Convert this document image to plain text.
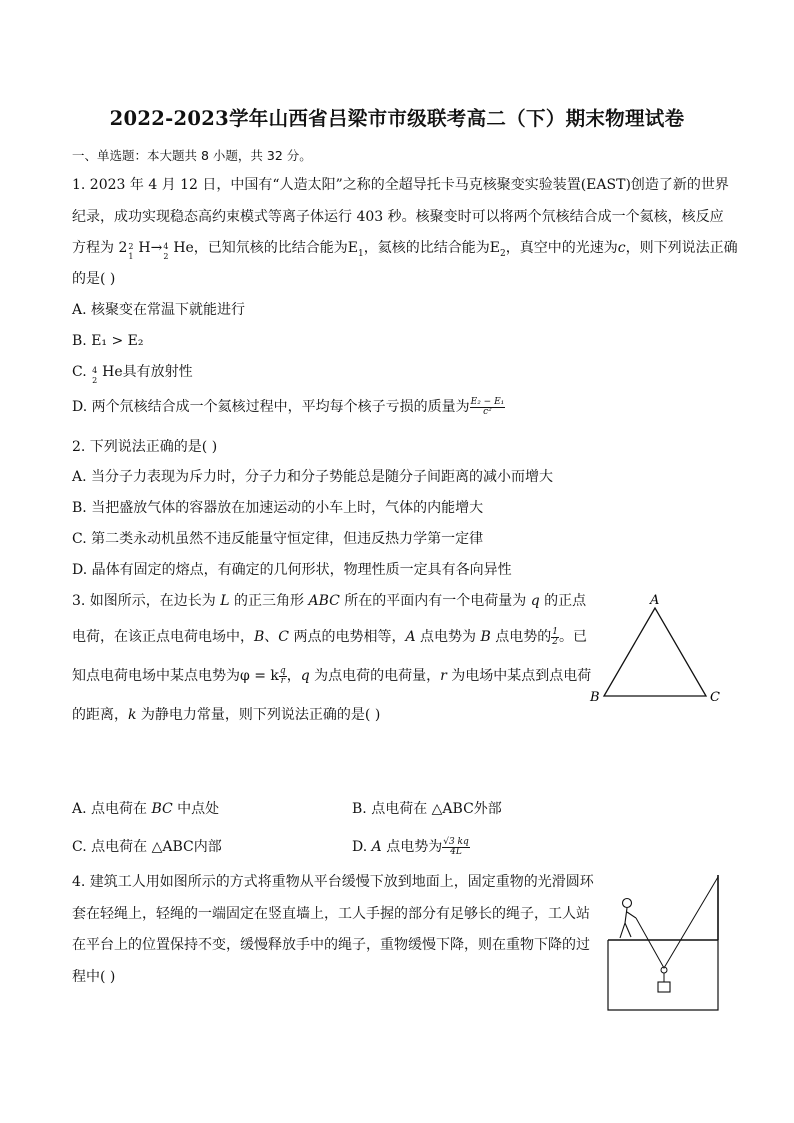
2022-2023学年山西省吕梁市市级联考高二（下）期末物理试卷
一、单选题：本大题共 8 小题，共 32 分。
1. 2023 年 4 月 12 日，中国有“人造太阳”之称的全超导托卡马克核聚变实验装置(EAST)创造了新的世界
纪录，成功实现稳态高约束模式等离子体运行 403 秒。核聚变时可以将两个氘核结合成一个氦核，核反应
方程为 2 2
1
H→ 4
2
He，已知氘核的比结合能为$E_1$，氦核的比结合能为$E_2$，真空中的光速为c，则下列说法正确
的是( )
A. 核聚变在常温下就能进行
B. E₁ > E₂
C. 4
2
He具有放射性
D. 两个氘核结合成一个氦核过程中，平均每个核子亏损的质量为 $\frac{\text{E₂ − E₁}}{\text{c²}}$
2. 下列说法正确的是( )
A. 当分子力表现为斥力时，分子力和分子势能总是随分子间距离的减小而增大
B. 当把盛放气体的容器放在加速运动的小车上时，气体的内能增大
C. 第二类永动机虽然不违反能量守恒定律，但违反热力学第一定律
D. 晶体有固定的熔点，有确定的几何形状，物理性质一定具有各向异性
3. 如图所示，在边长为 L 的正三角形 ABC 所在的平面内有一个电荷量为 q 的正点
电荷，在该正点电荷电场中，B、C 两点的电势相等，A 点电势为 B 点电势的 $\frac{1}{2}$ 。已
知点电荷电场中某点电势为φ = k $\frac{q}{r}$ ，q 为点电荷的电荷量，r 为电场中某点到点电荷
的距离，k 为静电力常量，则下列说法正确的是( )
A
B	C
A. 点电荷在 BC 中点处	B. 点电荷在 △ABC外部
C. 点电荷在 △ABC内部	D. A 点电势为 $\frac{√3 kq}{4L}$
4. 建筑工人用如图所示的方式将重物从平台缓慢下放到地面上，固定重物的光滑圆环
套在轻绳上，轻绳的一端固定在竖直墙上，工人手握的部分有足够长的绳子，工人站
在平台上的位置保持不变，缓慢释放手中的绳子，重物缓慢下降，则在重物下降的过
程中( )
